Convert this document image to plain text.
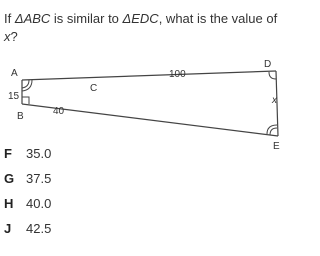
If ΔABC is similar to ΔEDC, what is the value of x?
A
B
C
D
E
15
40
100
x
F	35.0
G 37.5
H 40.0
J	42.5
